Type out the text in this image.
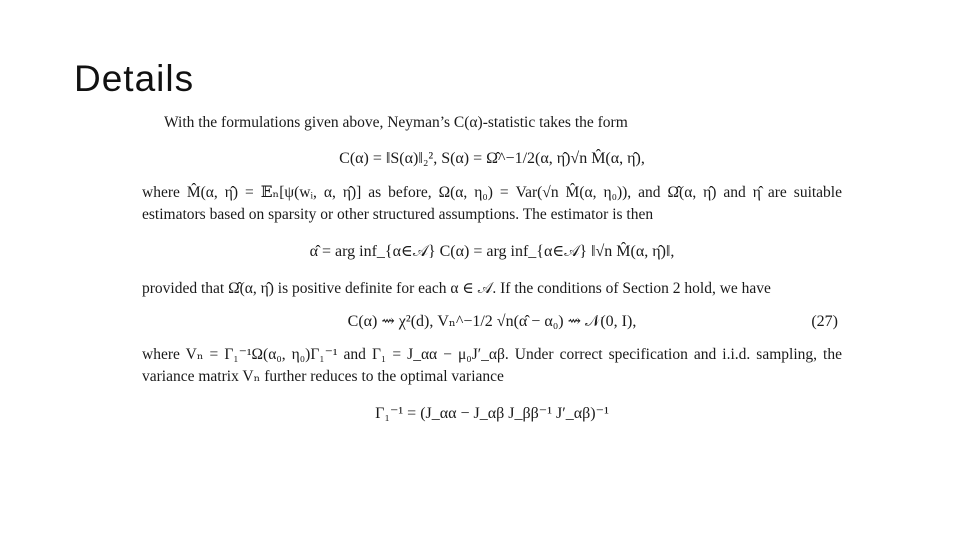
Details
With the formulations given above, Neyman’s C(α)-statistic takes the form
C(α) = ‖S(α)‖₂², S(α) = Ω̂^−1/2(α, η̂)√n M̂(α, η̂),
where M̂(α, η̂) = 𝔼ₙ[ψ(wᵢ, α, η̂)] as before, Ω(α, η₀) = Var(√n M̂(α, η₀)), and Ω̂(α, η̂) and η̂ are suitable estimators based on sparsity or other structured assumptions. The estimator is then
α̂ = arg inf_{α∈𝒜} C(α) = arg inf_{α∈𝒜} ‖√n M̂(α, η̂)‖,
provided that Ω̂(α, η̂) is positive definite for each α ∈ 𝒜. If the conditions of Section 2 hold, we have
C(α) ⇝ χ²(d), Vₙ^−1/2 √n(α̂ − α₀) ⇝ 𝒩(0, I),	(27)
where Vₙ = Γ₁⁻¹Ω(α₀, η₀)Γ₁⁻¹ and Γ₁ = J_αα − μ₀J′_αβ. Under correct specification and i.i.d. sampling, the variance matrix Vₙ further reduces to the optimal variance
Γ₁⁻¹ = (J_αα − J_αβ J_ββ⁻¹ J′_αβ)⁻¹
